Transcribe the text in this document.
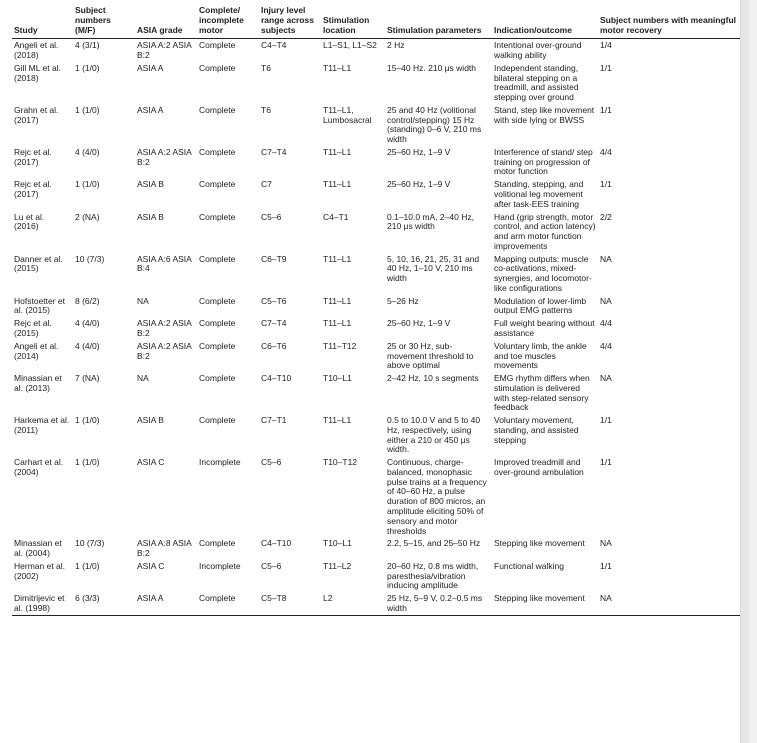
Study	Subject numbers (M/F)	ASIA grade	Complete/ incomplete motor	Injury level range across subjects	Stimulation location	Stimulation parameters	Indication/outcome	Subject numbers with meaningful motor recovery
Angeli et al. (2018)	4 (3/1)	ASIA A:2 ASIA B:2	Complete	C4–T4	L1–S1, L1–S2	2 Hz	Intentional over-ground walking ability	1/4
Gill ML et al. (2018)	1 (1/0)	ASIA A	Complete	T6	T11–L1	15–40 Hz. 210 μs width	Independent standing, bilateral stepping on a treadmill, and assisted stepping over ground	1/1
Grahn et al. (2017)	1 (1/0)	ASIA A	Complete	T6	T11–L1, Lumbosacral	25 and 40 Hz (volitional control/stepping) 15 Hz (standing) 0–6 V, 210 ms width	Stand, step like movement with side lying or BWSS	1/1
Rejc et al. (2017)	4 (4/0)	ASIA A:2 ASIA B:2	Complete	C7–T4	T11–L1	25–60 Hz, 1–9 V	Interference of stand/ step training on progression of motor function	4/4
Rejc et al. (2017)	1 (1/0)	ASIA B	Complete	C7	T11–L1	25–60 Hz, 1–9 V	Standing, stepping, and volitional leg movement after task-EES training	1/1
Lu et al. (2016)	2 (NA)	ASIA B	Complete	C5–6	C4–T1	0.1–10.0 mA, 2–40 Hz, 210 μs width	Hand (grip strength, motor control, and action latency) and arm motor function improvements	2/2
Danner et al. (2015)	10 (7/3)	ASIA A:6 ASIA B:4	Complete	C6–T9	T11–L1	5, 10, 16, 21, 25, 31 and 40 Hz, 1–10 V, 210 ms width	Mapping outputs: muscle co-activations, mixed-synergies, and locomotor-like configurations	NA
Hofstoetter et al. (2015)	8 (6/2)	NA	Complete	C5–T6	T11–L1	5–26 Hz	Modulation of lower-limb output EMG patterns	NA
Rejc et al. (2015)	4 (4/0)	ASIA A:2 ASIA B:2	Complete	C7–T4	T11–L1	25–60 Hz, 1–9 V	Full weight bearing without assistance	4/4
Angeli et al. (2014)	4 (4/0)	ASIA A:2 ASIA B:2	Complete	C6–T6	T11–T12	25 or 30 Hz, sub-movement threshold to above optimal	Voluntary limb, the ankle and toe muscles movements	4/4
Minassian et al. (2013)	7 (NA)	NA	Complete	C4–T10	T10–L1	2–42 Hz, 10 s segments	EMG rhythm differs when stimulation is delivered with step-related sensory feedback	NA
Harkema et al. (2011)	1 (1/0)	ASIA B	Complete	C7–T1	T11–L1	0.5 to 10.0 V and 5 to 40 Hz, respectively, using either a 210 or 450 μs width.	Voluntary movement, standing, and assisted stepping	1/1
Carhart et al. (2004)	1 (1/0)	ASIA C	Incomplete	C5–6	T10–T12	Continuous, charge-balanced, monophasic pulse trains at a frequency of 40–60 Hz, a pulse duration of 800 micros, an amplitude eliciting 50% of sensory and motor thresholds	Improved treadmill and over-ground ambulation	1/1
Minassian et al. (2004)	10 (7/3)	ASIA A:8 ASIA B:2	Complete	C4–T10	T10–L1	2.2, 5–15, and 25–50 Hz	Stepping like movement	NA
Herman et al. (2002)	1 (1/0)	ASIA C	Incomplete	C5–6	T11–L2	20–60 Hz, 0.8 ms width, paresthesia/vibration inducing amplitude	Functional walking	1/1
Dimitrijevic et al. (1998)	6 (3/3)	ASIA A	Complete	C5–T8	L2	25 Hz, 5–9 V, 0.2–0.5 ms width	Stepping like movement	NA
